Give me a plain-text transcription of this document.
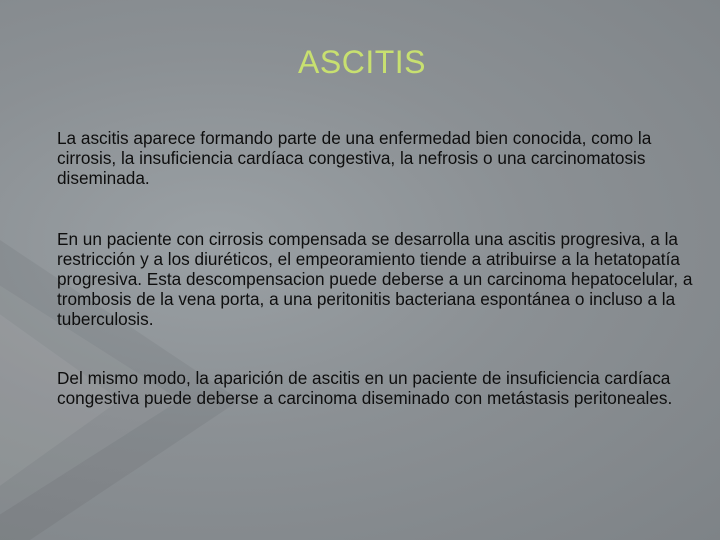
ASCITIS

La ascitis aparece formando parte de una enfermedad bien conocida, como la cirrosis, la insuficiencia cardíaca congestiva, la nefrosis o una carcinomatosis diseminada.

En un paciente con cirrosis compensada se desarrolla una ascitis progresiva, a la restricción y a los diuréticos, el empeoramiento tiende a atribuirse a la hetatopatía progresiva. Esta descompensacion puede deberse a un carcinoma hepatocelular, a trombosis de la vena porta, a una peritonitis bacteriana espontánea o incluso a la tuberculosis.

Del mismo modo, la aparición de ascitis en un paciente de insuficiencia cardíaca congestiva puede deberse a carcinoma diseminado con metástasis peritoneales.
